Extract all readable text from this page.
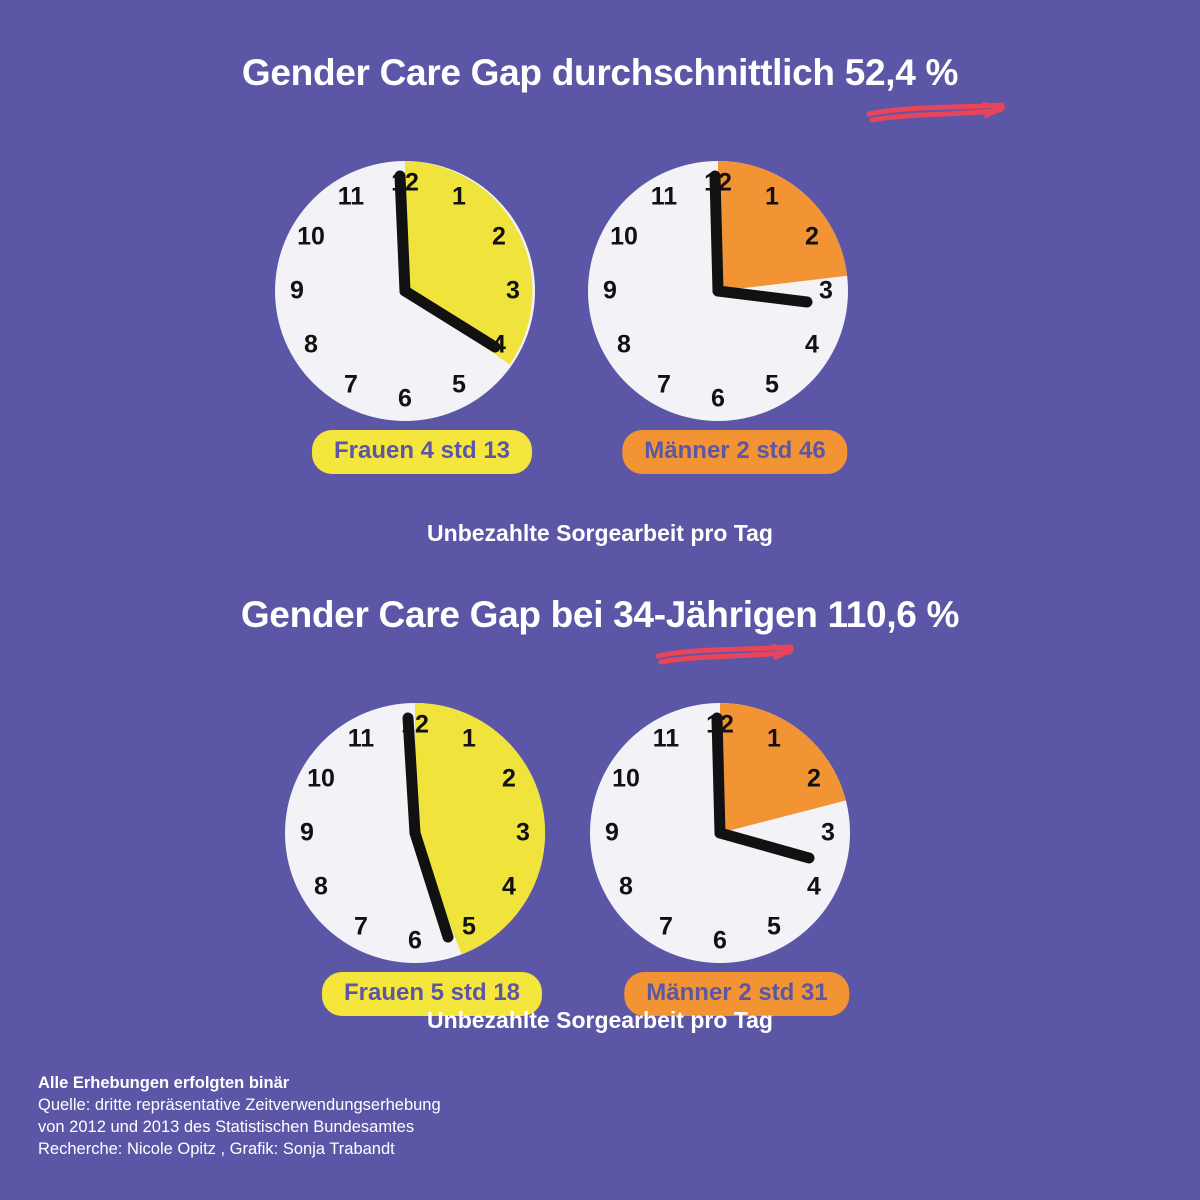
Gender Care Gap durchschnittlich 52,4 %
12 1
2
3
4
5
6
7
8
9
10
11
Frauen 4 std 13
12 1
2
3
4
5
6
7
8
9
10
11
Männer 2 std 46
Unbezahlte Sorgearbeit pro Tag
Gender Care Gap bei 34-Jährigen 110,6 %
12 1
2
3
4
5
6
7
8
9
10
11
Frauen 5 std 18
12 1
2
3
4
5
6
7
8
9
10
11
Männer 2 std 31
Unbezahlte Sorgearbeit pro Tag
Alle Erhebungen erfolgten binär
Quelle: dritte repräsentative Zeitverwendungserhebung
von 2012 und 2013 des Statistischen Bundesamtes
Recherche: Nicole Opitz , Grafik: Sonja Trabandt
